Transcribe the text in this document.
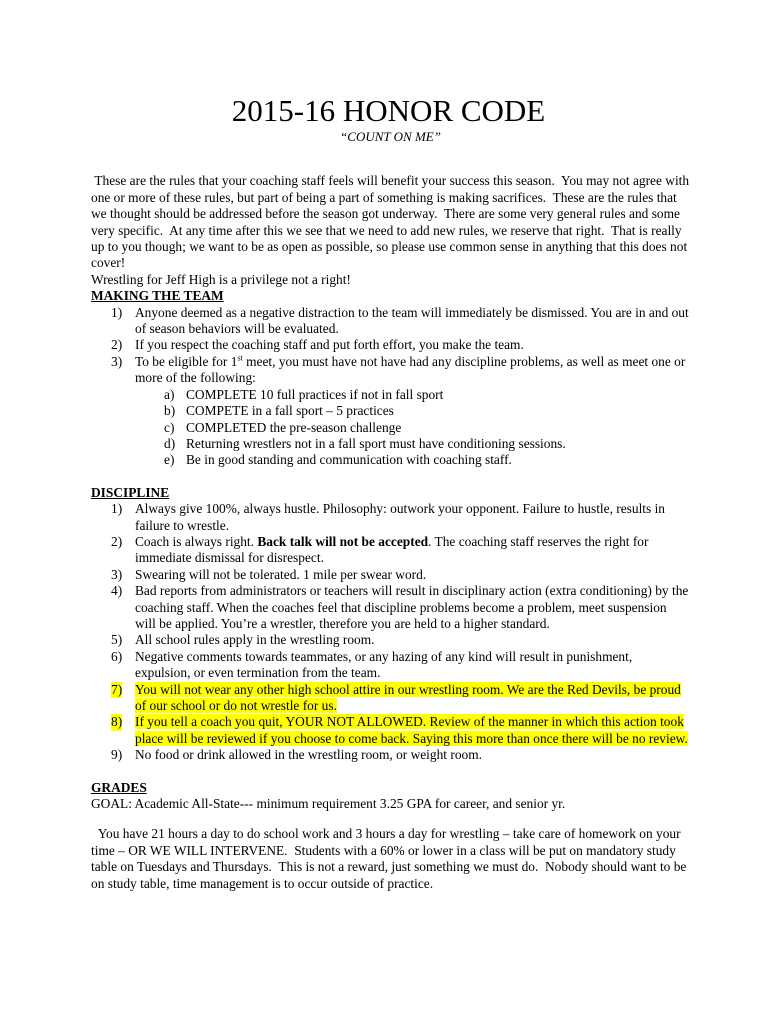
2015-16 HONOR CODE
“COUNT ON ME”

These are the rules that your coaching staff feels will benefit your success this season.  You may not agree with one or more of these rules, but part of being a part of something is making sacrifices.  These are the rules that we thought should be addressed before the season got underway.  There are some very general rules and some very specific.  At any time after this we see that we need to add new rules, we reserve that right.  That is really up to you though; we want to be as open as possible, so please use common sense in anything that this does not cover!

Wrestling for Jeff High is a privilege not a right!

MAKING THE TEAM
1) Anyone deemed as a negative distraction to the team will immediately be dismissed. You are in and out of season behaviors will be evaluated.
2) If you respect the coaching staff and put forth effort, you make the team.
3) To be eligible for 1st meet, you must have not have had any discipline problems, as well as meet one or more of the following:
a) COMPLETE 10 full practices if not in fall sport
b) COMPETE in a fall sport – 5 practices
c) COMPLETED the pre-season challenge
d) Returning wrestlers not in a fall sport must have conditioning sessions.
e) Be in good standing and communication with coaching staff.
DISCIPLINE
1) Always give 100%, always hustle. Philosophy: outwork your opponent. Failure to hustle, results in failure to wrestle.
2) Coach is always right. Back talk will not be accepted. The coaching staff reserves the right for immediate dismissal for disrespect.
3) Swearing will not be tolerated. 1 mile per swear word.
4) Bad reports from administrators or teachers will result in disciplinary action (extra conditioning) by the coaching staff. When the coaches feel that discipline problems become a problem, meet suspension will be applied. You’re a wrestler, therefore you are held to a higher standard.
5) All school rules apply in the wrestling room.
6) Negative comments towards teammates, or any hazing of any kind will result in punishment, expulsion, or even termination from the team.
7) You will not wear any other high school attire in our wrestling room. We are the Red Devils, be proud of our school or do not wrestle for us.
8) If you tell a coach you quit, YOUR NOT ALLOWED. Review of the manner in which this action took place will be reviewed if you choose to come back. Saying this more than once there will be no review.
9) No food or drink allowed in the wrestling room, or weight room.
GRADES

GOAL: Academic All-State--- minimum requirement 3.25 GPA for career, and senior yr.

You have 21 hours a day to do school work and 3 hours a day for wrestling – take care of homework on your time – OR WE WILL INTERVENE.  Students with a 60% or lower in a class will be put on mandatory study table on Tuesdays and Thursdays.  This is not a reward, just something we must do.  Nobody should want to be on study table, time management is to occur outside of practice.
